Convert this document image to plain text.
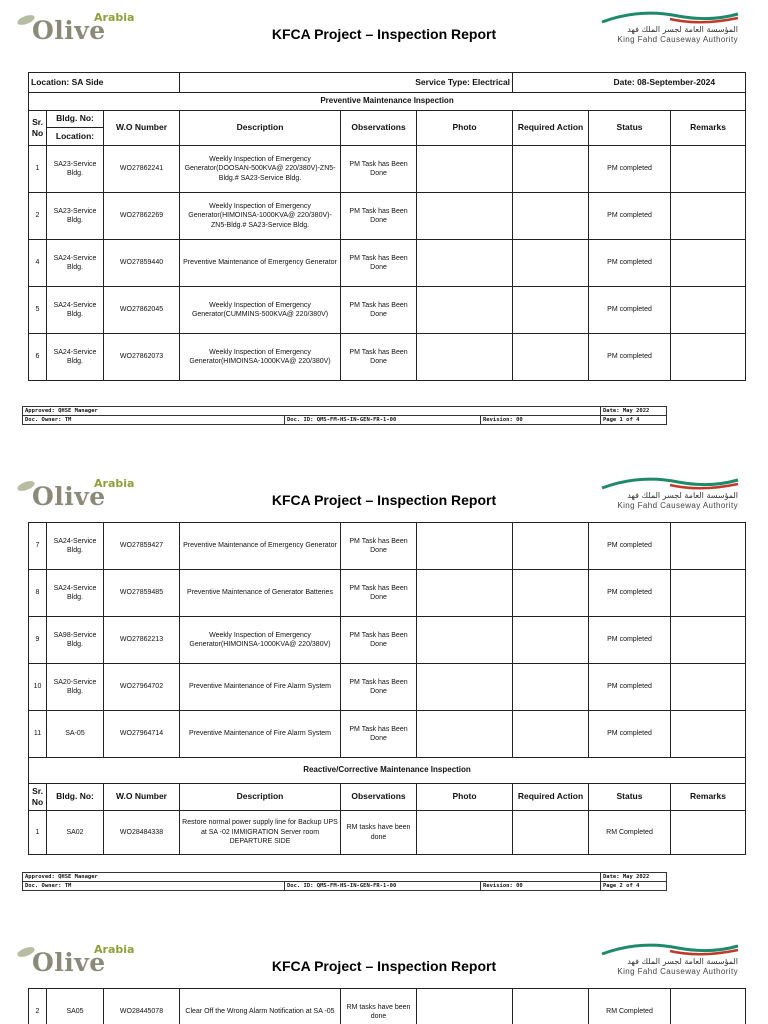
Olive
Arabia
KFCA Project – Inspection Report	المؤسسة العامة لجسر الملك فهد
King Fahd Causeway Authority
Location: SA Side			Service Type: Electrical			Date: 08-September-2024		
Preventive Maintenance Inspection								
Sr. No	Bldg. No:	W.O Number	Description	Observations	Photo	Required Action	Status	Remarks
	Location:							
1	SA23-Service Bldg.	WO27862241	Weekly Inspection of Emergency Generator(DOOSAN-500KVA@ 220/380V)-ZN5-Bldg.# SA23-Service Bldg.	PM Task has Been Done			PM completed	
2	SA23-Service Bldg.	WO27862269	Weekly Inspection of Emergency Generator(HIMOINSA-1000KVA@ 220/380V)-ZN5-Bldg.# SA23-Service Bldg.	PM Task has Been Done			PM completed	
4	SA24-Service Bldg.	WO27859440	Preventive Maintenance of Emergency Generator	PM Task has Been Done			PM completed	
5	SA24-Service Bldg.	WO27862045	Weekly Inspection of Emergency Generator(CUMMINS-500KVA@ 220/380V)	PM Task has Been Done			PM completed	
6	SA24-Service Bldg.	WO27862073	Weekly Inspection of Emergency Generator(HIMOINSA-1000KVA@ 220/380V)	PM Task has Been Done			PM completed	
Approved: QHSE Manager			Date: May 2022
Doc. Owner: TM	Doc. ID: QMS-FM-HS-IN-GEN-FR-1-00	Revision: 00	Page 1 of 4
Olive
Arabia
KFCA Project – Inspection Report	المؤسسة العامة لجسر الملك فهد
King Fahd Causeway Authority
7	SA24-Service Bldg.	WO27859427	Preventive Maintenance of Emergency Generator	PM Task has Been Done			PM completed	
8	SA24-Service Bldg.	WO27859485	Preventive Maintenance of Generator Batteries	PM Task has Been Done			PM completed	
9	SA98-Service Bldg.	WO27862213	Weekly Inspection of Emergency Generator(HIMOINSA-1000KVA@ 220/380V)	PM Task has Been Done			PM completed	
10	SA20-Service Bldg.	WO27964702	Preventive Maintenance of Fire Alarm System	PM Task has Been Done			PM completed	
11	SA-05	WO27964714	Preventive Maintenance of Fire Alarm System	PM Task has Been Done			PM completed	
Reactive/Corrective Maintenance Inspection								
Sr. No	Bldg. No:	W.O Number	Description	Observations	Photo	Required Action	Status	Remarks
1	SA02	WO28484338	Restore normal power supply line for Backup UPS at SA -02 IMMIGRATION Server room DEPARTURE SIDE	RM tasks have been done			RM Completed	
Approved: QHSE Manager			Date: May 2022
Doc. Owner: TM	Doc. ID: QMS-FM-HS-IN-GEN-FR-1-00	Revision: 00	Page 2 of 4
Olive
Arabia
KFCA Project – Inspection Report	المؤسسة العامة لجسر الملك فهد
King Fahd Causeway Authority
2	SA05	WO28445078	Clear Off the Wrong Alarm Notification at SA -05	RM tasks have been done			RM Completed	
